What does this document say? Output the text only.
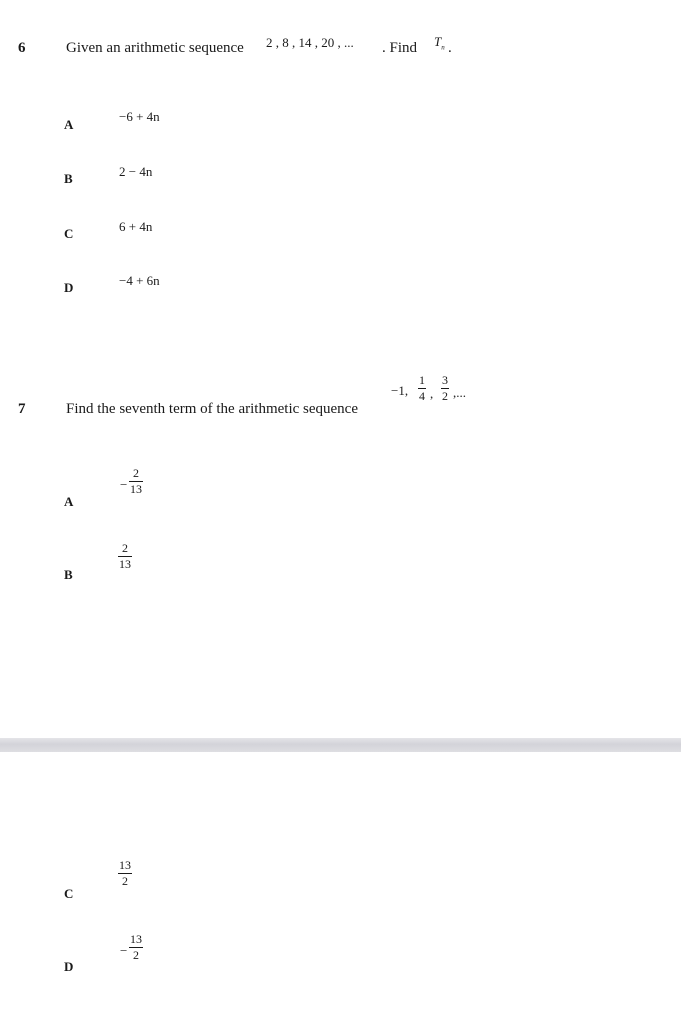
6	Given an arithmetic sequence 2 , 8 , 14 , 20 , ... . Find $T_n$ .
A
−6 + 4n
B	2 − 4n
C	6 + 4n
D	−4 + 6n
7	Find the seventh term of the arithmetic sequence
−1,
1
4 ,
3
2 ,...
A
−
2
13
B
2
13
C
13
2
D
−
13
2
